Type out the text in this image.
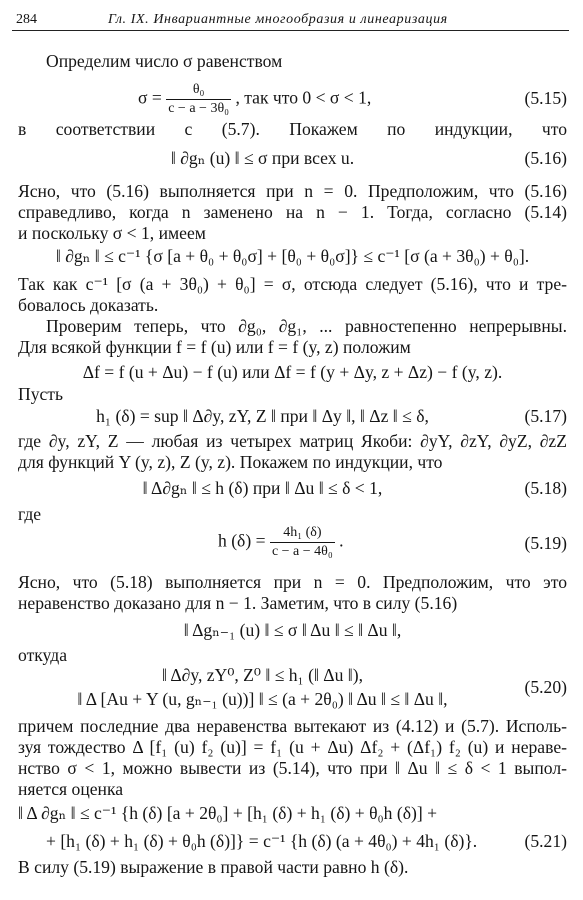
284	Гл. IX. Инвариантные многообразия и линеаризация
Определим число σ равенством
$\sigma = \frac{\text{θ₀}}{\text{c − a − 3θ₀}}$ , так что 0 < σ < 1,	(5.15)
в соответствии с (5.7). Покажем по индукции, что
‖ ∂gₙ (u) ‖ ≤ σ при всех u.	(5.16)
Ясно, что (5.16) выполняется при n = 0. Предположим, что (5.16)
справедливо, когда n заменено на n − 1. Тогда, согласно (5.14)
и поскольку σ < 1, имеем
‖ ∂gₙ ‖ ≤ c⁻¹ {σ [a + θ₀ + θ₀σ] + [θ₀ + θ₀σ]} ≤ c⁻¹ [σ (a + 3θ₀) + θ₀].
Так как c⁻¹ [σ (a + 3θ₀) + θ₀] = σ, отсюда следует (5.16), что и тре-
бовалось доказать.
Проверим теперь, что ∂g₀, ∂g₁, ... равностепенно непрерывны.
Для всякой функции f = f (u) или f = f (y, z) положим
Δf = f (u + Δu) − f (u) или Δf = f (y + Δy, z + Δz) − f (y, z).
Пусть
h₁ (δ) = sup ‖ Δ∂y, zY, Z ‖ при ‖ Δy ‖, ‖ Δz ‖ ≤ δ,	(5.17)
где ∂y, zY, Z — любая из четырех матриц Якоби: ∂yY, ∂zY, ∂yZ, ∂zZ
для функций Y (y, z), Z (y, z). Покажем по индукции, что
‖ Δ∂gₙ ‖ ≤ h (δ) при ‖ Δu ‖ ≤ δ < 1,	(5.18)
где
h $(\delta) = \frac{\text{4h₁ (δ)}}{\text{c − a − 4θ₀}}$ .	(5.19)
Ясно, что (5.18) выполняется при n = 0. Предположим, что это
неравенство доказано для n − 1. Заметим, что в силу (5.16)
‖ Δgₙ₋₁ (u) ‖ ≤ σ ‖ Δu ‖ ≤ ‖ Δu ‖,
откуда
‖ Δ∂y, zY⁰, Z⁰ ‖ ≤ h₁ (‖ Δu ‖),
‖ Δ [Au + Y (u, gₙ₋₁ (u))] ‖ ≤ (a + 2θ₀) ‖ Δu ‖ ≤ ‖ Δu ‖,
(5.20)
причем последние два неравенства вытекают из (4.12) и (5.7). Исполь-
зуя тождество Δ [f₁ (u) f₂ (u)] = f₁ (u + Δu) Δf₂ + (Δf₁) f₂ (u) и нераве-
нство σ < 1, можно вывести из (5.14), что при ‖ Δu ‖ ≤ δ < 1 выпол-
няется оценка
‖ Δ ∂gₙ ‖ ≤ c⁻¹ {h (δ) [a + 2θ₀] + [h₁ (δ) + h₁ (δ) + θ₀h (δ)] +
+ [h₁ (δ) + h₁ (δ) + θ₀h (δ)]} = c⁻¹ {h (δ) (a + 4θ₀) + 4h₁ (δ)}.	(5.21)
В силу (5.19) выражение в правой части равно h (δ).
